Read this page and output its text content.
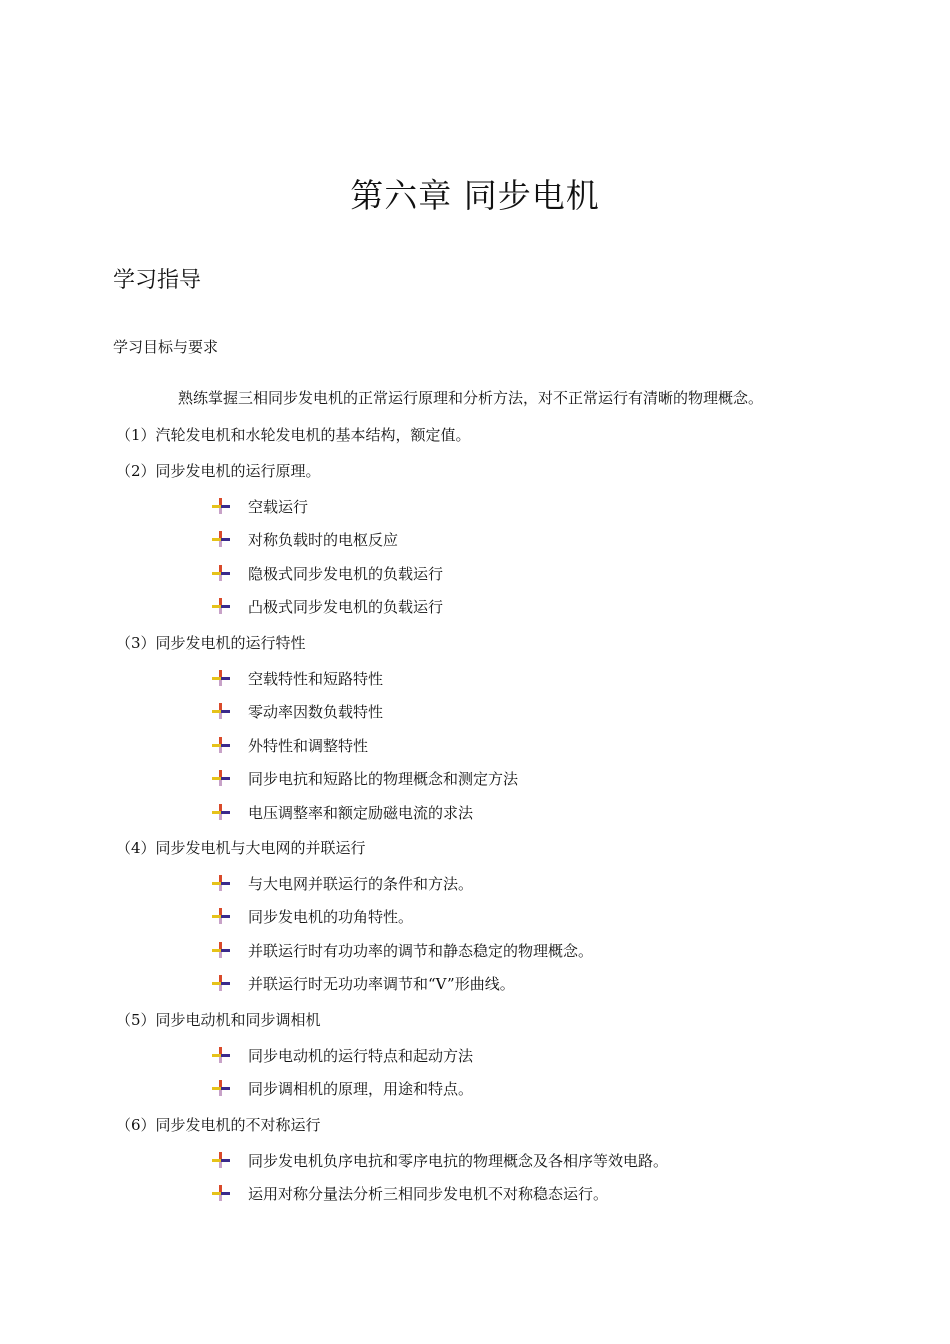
第六章 同步电机
学习指导
学习目标与要求
熟练掌握三相同步发电机的正常运行原理和分析方法，对不正常运行有清晰的物理概念。
（1）汽轮发电机和水轮发电机的基本结构，额定值。
（2）同步发电机的运行原理。
空载运行
对称负载时的电枢反应
隐极式同步发电机的负载运行
凸极式同步发电机的负载运行
（3）同步发电机的运行特性
空载特性和短路特性
零动率因数负载特性
外特性和调整特性
同步电抗和短路比的物理概念和测定方法
电压调整率和额定励磁电流的求法
（4）同步发电机与大电网的并联运行
与大电网并联运行的条件和方法。
同步发电机的功角特性。
并联运行时有功功率的调节和静态稳定的物理概念。
并联运行时无功功率调节和“V”形曲线。
（5）同步电动机和同步调相机
同步电动机的运行特点和起动方法
同步调相机的原理，用途和特点。
（6）同步发电机的不对称运行
同步发电机负序电抗和零序电抗的物理概念及各相序等效电路。
运用对称分量法分析三相同步发电机不对称稳态运行。
